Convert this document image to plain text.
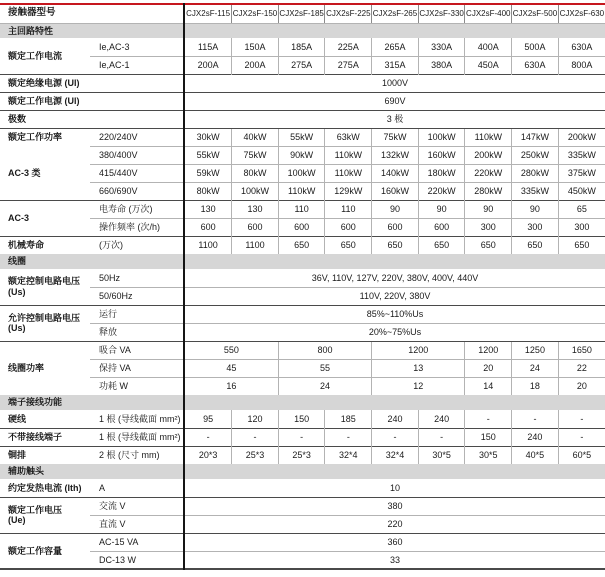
接触器型号		CJX2sF-115	CJX2sF-150	CJX2sF-185	CJX2sF-225	CJX2sF-265	CJX2sF-330	CJX2sF-400	CJX2sF-500	CJX2sF-630
主回路特性										
额定工作电流	Ie,AC-3	115A	150A	185A	225A	265A	330A	400A	500A	630A
	Ie,AC-1	200A	200A	275A	275A	315A	380A	450A	630A	800A
额定绝缘电源 (Ul)		1000V								
额定工作电源 (Ul)		690V								
极数		3 极								

额定工作功率
AC-3 类	220/240V	30kW	40kW	55kW	63kW	75kW	100kW	110kW	147kW	200kW
	380/400V	55kW	75kW	90kW	110kW	132kW	160kW	200kW	250kW	335kW
	415/440V	59kW	80kW	100kW	110kW	140kW	180kW	220kW	280kW	375kW
	660/690V	80kW	100kW	110kW	129kW	160kW	220kW	280kW	335kW	450kW
AC-3	电寿命 (万次)	130	130	110	110	90	90	90	90	65
	操作频率 (次/h)	600	600	600	600	600	600	300	300	300
机械寿命	(万次)	1100	1100	650	650	650	650	650	650	650
线圈										

额定控制电路电压
(Us)	50Hz	36V, 110V, 127V, 220V, 380V, 400V, 440V								
	50/60Hz	110V, 220V, 380V								

允许控制电路电压
(Us)	运行	85%~110%Us								
	释放	20%~75%Us								
线圈功率	吸合 VA	550		800		1200		1200	1250	1650
	保持 VA	45		55		13		20	24	22
	功耗 W	16		24		12		14	18	20
端子接线功能										
硬线	1 根 (导线截面 mm²)	95	120	150	185	240	240	-	-	-
不带接线端子	1 根 (导线截面 mm²)	-	-	-	-	-	-	150	240	-
铜排	2 根 (尺寸 mm)	20*3	25*3	25*3	32*4	32*4	30*5	30*5	40*5	60*5
辅助触头										
约定发热电流 (Ith)	A	10								

额定工作电压
(Ue)	交流 V	380								
	直流 V	220								
额定工作容量	AC-15 VA	360								
	DC-13 W	33								
